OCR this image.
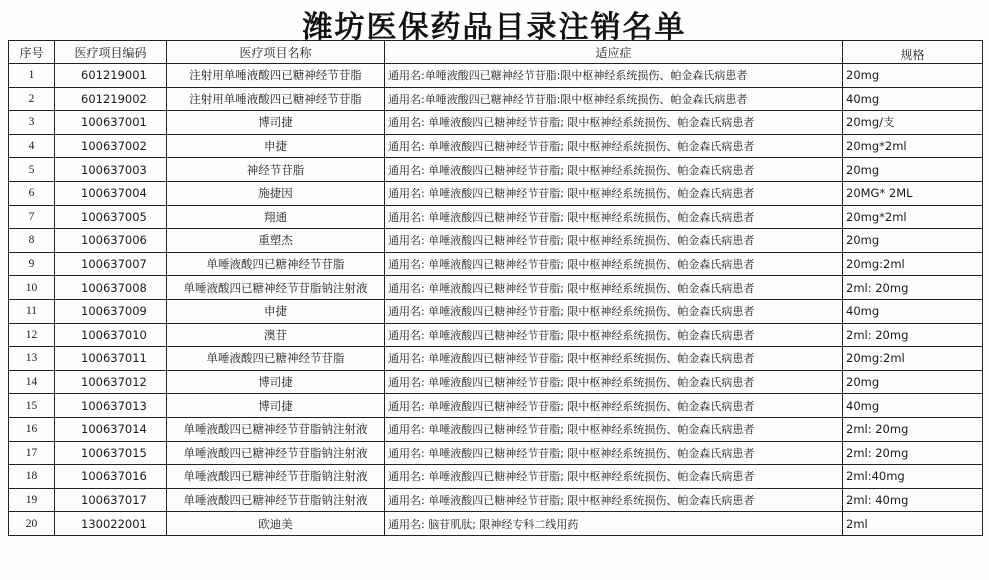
潍坊医保药品目录注销名单
序号	医疗项目编码	医疗项目名称	适应症	规格
1	601219001	注射用单唾液酸四已糖神经节苷脂	通用名:单唾液酸四已糖神经节苷脂:限中枢神经系统损伤、帕金森氏病患者	20mg
2	601219002	注射用单唾液酸四已糖神经节苷脂	通用名:单唾液酸四已糖神经节苷脂:限中枢神经系统损伤、帕金森氏病患者	40mg
3	100637001	博司捷	通用名: 单唾液酸四已糖神经节苷脂; 限中枢神经系统损伤、帕金森氏病患者	20mg/支
4	100637002	申捷	通用名: 单唾液酸四已糖神经节苷脂; 限中枢神经系统损伤、帕金森氏病患者	20mg*2ml
5	100637003	神经节苷脂	通用名: 单唾液酸四已糖神经节苷脂; 限中枢神经系统损伤、帕金森氏病患者	20mg
6	100637004	施捷因	通用名: 单唾液酸四已糖神经节苷脂; 限中枢神经系统损伤、帕金森氏病患者	20MG* 2ML
7	100637005	翔通	通用名: 单唾液酸四已糖神经节苷脂; 限中枢神经系统损伤、帕金森氏病患者	20mg*2ml
8	100637006	重塑杰	通用名: 单唾液酸四已糖神经节苷脂; 限中枢神经系统损伤、帕金森氏病患者	20mg
9	100637007	单唾液酸四已糖神经节苷脂	通用名: 单唾液酸四已糖神经节苷脂; 限中枢神经系统损伤、帕金森氏病患者	20mg:2ml
10	100637008	单唾液酸四已糖神经节苷脂钠注射液	通用名: 单唾液酸四已糖神经节苷脂; 限中枢神经系统损伤、帕金森氏病患者	2ml: 20mg
11	100637009	申捷	通用名: 单唾液酸四已糖神经节苷脂; 限中枢神经系统损伤、帕金森氏病患者	40mg
12	100637010	澳苷	通用名: 单唾液酸四已糖神经节苷脂; 限中枢神经系统损伤、帕金森氏病患者	2ml: 20mg
13	100637011	单唾液酸四已糖神经节苷脂	通用名: 单唾液酸四已糖神经节苷脂; 限中枢神经系统损伤、帕金森氏病患者	20mg:2ml
14	100637012	博司捷	通用名: 单唾液酸四已糖神经节苷脂; 限中枢神经系统损伤、帕金森氏病患者	20mg
15	100637013	博司捷	通用名: 单唾液酸四已糖神经节苷脂; 限中枢神经系统损伤、帕金森氏病患者	40mg
16	100637014	单唾液酸四已糖神经节苷脂钠注射液	通用名: 单唾液酸四已糖神经节苷脂; 限中枢神经系统损伤、帕金森氏病患者	2ml: 20mg
17	100637015	单唾液酸四已糖神经节苷脂钠注射液	通用名: 单唾液酸四已糖神经节苷脂; 限中枢神经系统损伤、帕金森氏病患者	2ml: 20mg
18	100637016	单唾液酸四已糖神经节苷脂钠注射液	通用名: 单唾液酸四已糖神经节苷脂; 限中枢神经系统损伤、帕金森氏病患者	2ml:40mg
19	100637017	单唾液酸四已糖神经节苷脂钠注射液	通用名: 单唾液酸四已糖神经节苷脂; 限中枢神经系统损伤、帕金森氏病患者	2ml: 40mg
20	130022001	欧迪美	通用名: 脑苷肌肽; 限神经专科二线用药	2ml
